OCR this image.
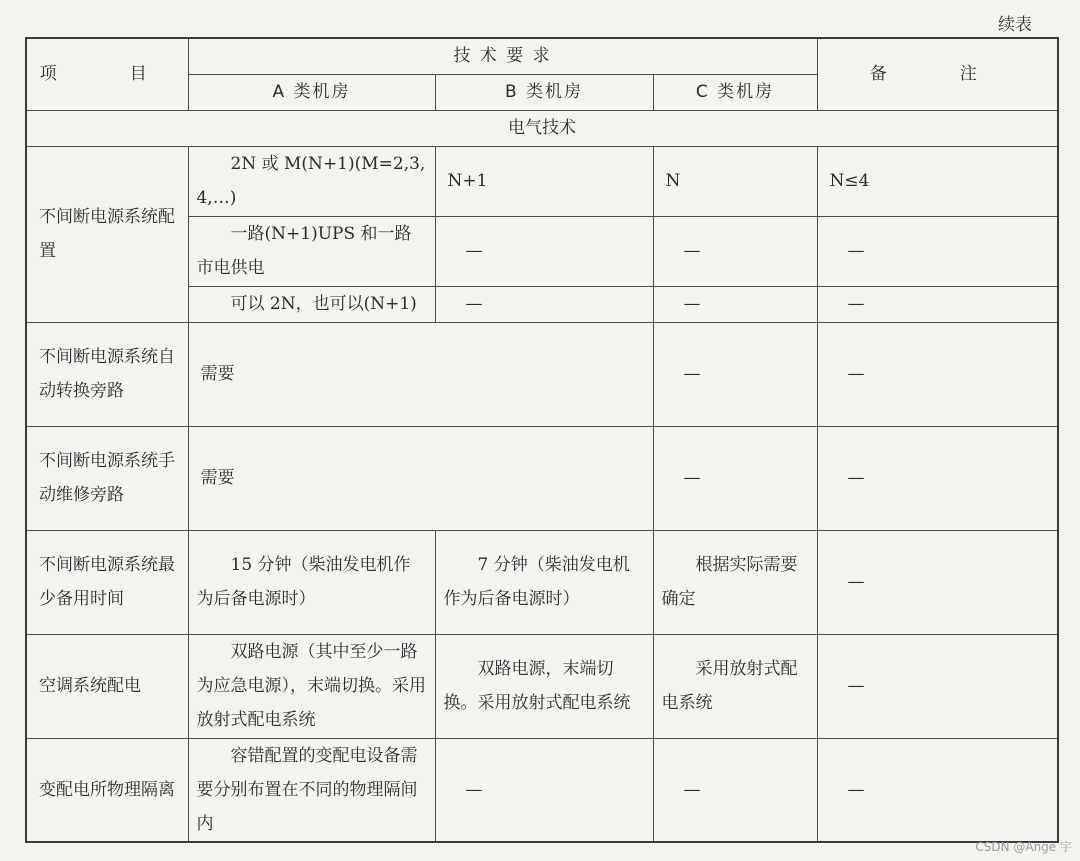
续表
项　目	技 术 要 求			备　注
	A 类机房	B 类机房	C 类机房	
电气技术				
不间断电源系统配置	2N 或 M(N+1)(M=2,3,4,…)	N+1	N	N≤4
	一路(N+1)UPS 和一路市电供电	—	—	—
	可以 2N，也可以(N+1)	—	—	—
不间断电源系统自动转换旁路	需要		—	—
不间断电源系统手动维修旁路	需要		—	—
不间断电源系统最少备用时间	15 分钟（柴油发电机作为后备电源时）	7 分钟（柴油发电机作为后备电源时）	根据实际需要确定	—
空调系统配电	双路电源（其中至少一路为应急电源），末端切换。采用放射式配电系统	双路电源，末端切换。采用放射式配电系统	采用放射式配电系统	—
变配电所物理隔离	容错配置的变配电设备需要分别布置在不同的物理隔间内	—	—	—
CSDN @Ange 宇
